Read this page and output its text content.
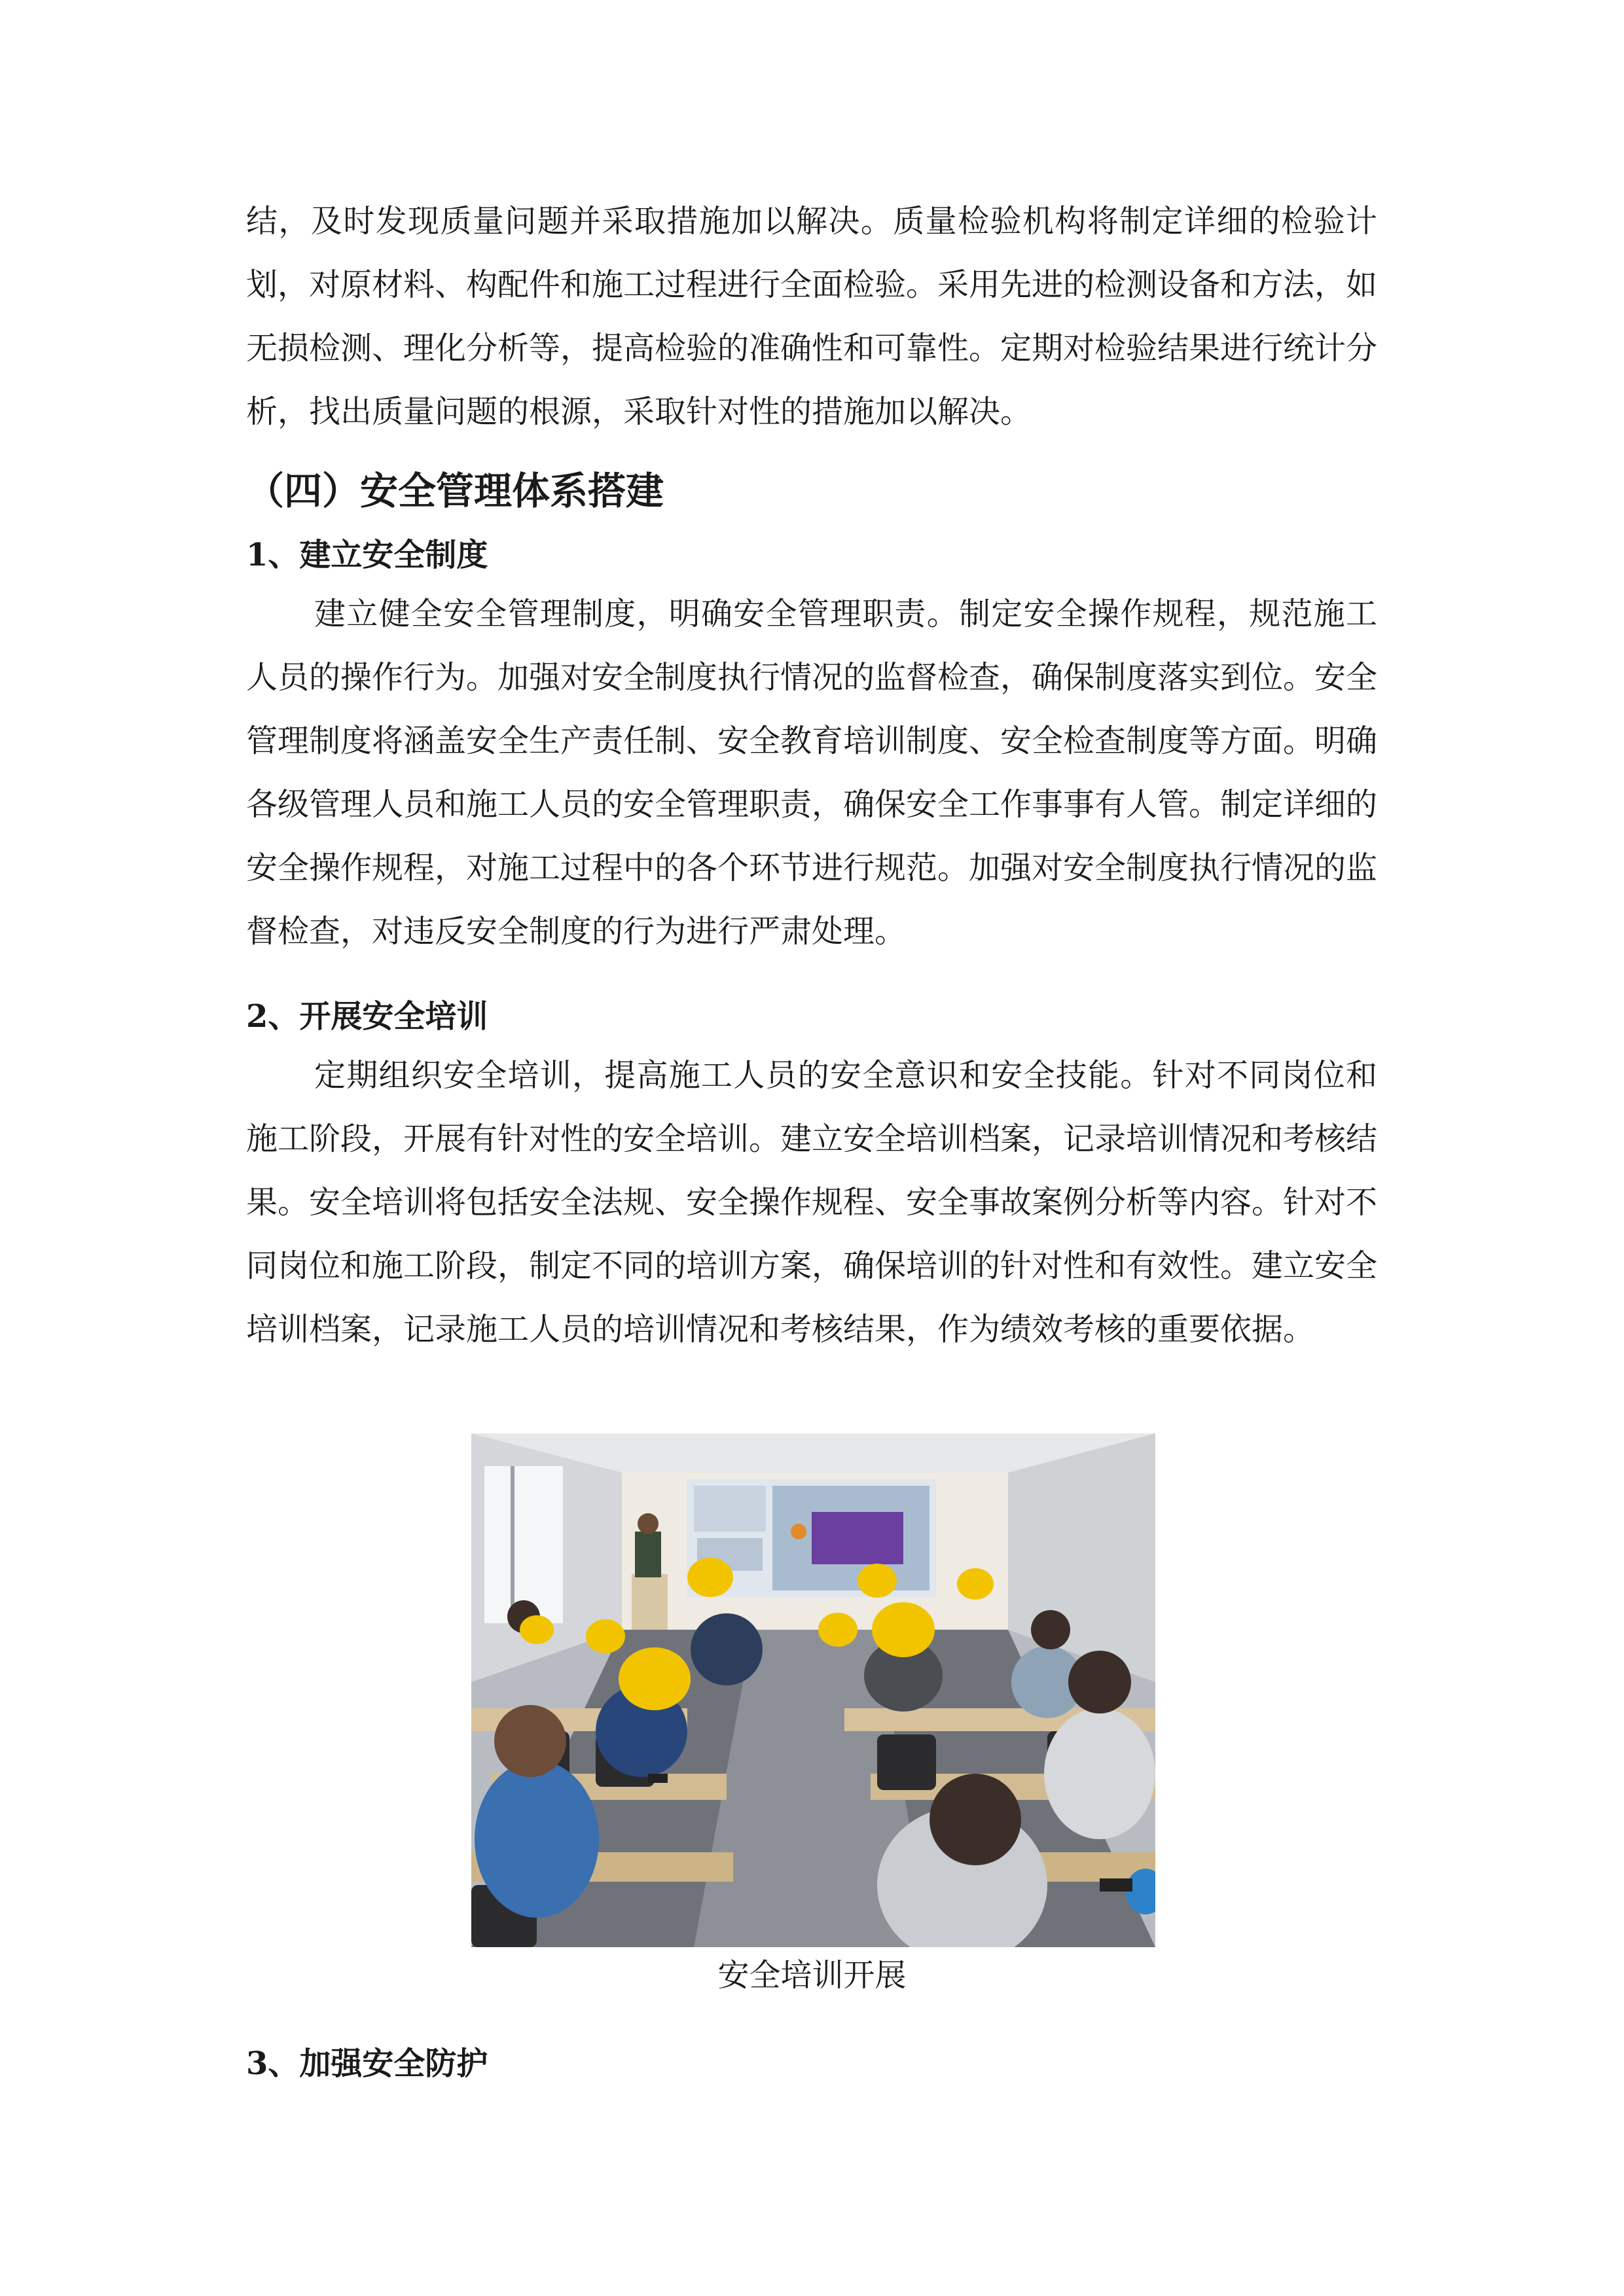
结，及时发现质量问题并采取措施加以解决。质量检验机构将制定详细的检验计划，对原材料、构配件和施工过程进行全面检验。采用先进的检测设备和方法，如无损检测、理化分析等，提高检验的准确性和可靠性。定期对检验结果进行统计分析，找出质量问题的根源，采取针对性的措施加以解决。

（四）安全管理体系搭建
1、建立安全制度

建立健全安全管理制度，明确安全管理职责。制定安全操作规程，规范施工人员的操作行为。加强对安全制度执行情况的监督检查，确保制度落实到位。安全管理制度将涵盖安全生产责任制、安全教育培训制度、安全检查制度等方面。明确各级管理人员和施工人员的安全管理职责，确保安全工作事事有人管。制定详细的安全操作规程，对施工过程中的各个环节进行规范。加强对安全制度执行情况的监督检查，对违反安全制度的行为进行严肃处理。

2、开展安全培训

定期组织安全培训，提高施工人员的安全意识和安全技能。针对不同岗位和施工阶段，开展有针对性的安全培训。建立安全培训档案，记录培训情况和考核结果。安全培训将包括安全法规、安全操作规程、安全事故案例分析等内容。针对不同岗位和施工阶段，制定不同的培训方案，确保培训的针对性和有效性。建立安全培训档案，记录施工人员的培训情况和考核结果，作为绩效考核的重要依据。

安全培训开展

3、加强安全防护
